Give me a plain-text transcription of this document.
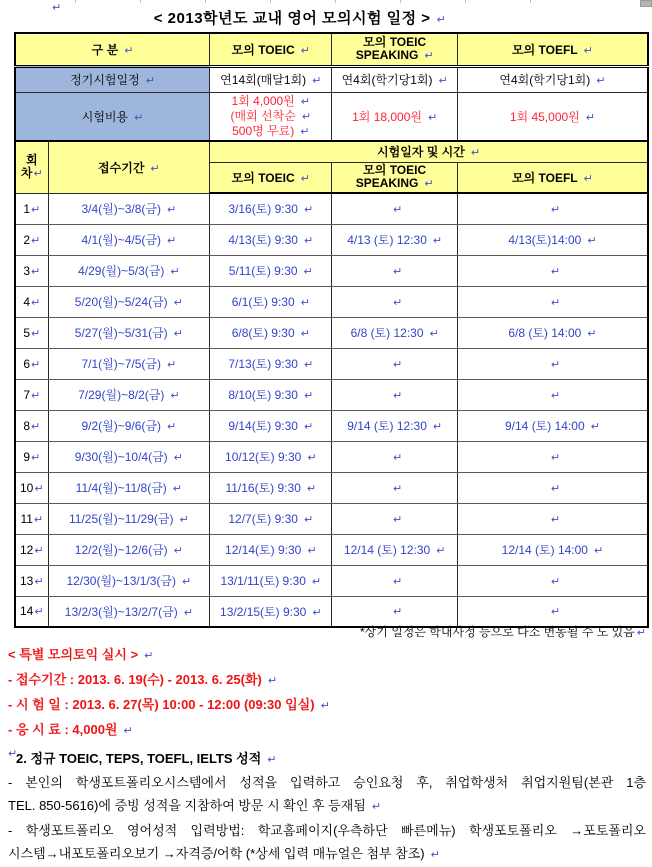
↵
< 2013학년도 교내 영어 모의시험 일정 > ↵
구 분 ↵		모의 TOEIC ↵	모의 TOEIC
SPEAKING ↵	모의 TOEFL ↵
정기시험일정 ↵		연14회(매달1회) ↵	연4회(학기당1회) ↵	연4회(학기당1회) ↵
시험비용 ↵		1회 4,000원 ↵
(매회 선착순 ↵
500명 무료) ↵	1회 18,000원 ↵	1회 45,000원 ↵

회
차↵	접수기간 ↵	시험일자 및 시간 ↵		
		모의 TOEIC ↵	모의 TOEIC
SPEAKING ↵	모의 TOEFL ↵
1↵	3/4(월)~3/8(금) ↵	3/16(토) 9:30 ↵	↵	↵
2↵	4/1(월)~4/5(금) ↵	4/13(토) 9:30 ↵	4/13 (토) 12:30 ↵	4/13(토)14:00 ↵
3↵	4/29(월)~5/3(금) ↵	5/11(토) 9:30 ↵	↵	↵
4↵	5/20(월)~5/24(금) ↵	6/1(토) 9:30 ↵	↵	↵
5↵	5/27(월)~5/31(금) ↵	6/8(토) 9:30 ↵	6/8 (토) 12:30 ↵	6/8 (토) 14:00 ↵
6↵	7/1(월)~7/5(금) ↵	7/13(토) 9:30 ↵	↵	↵
7↵	7/29(월)~8/2(금) ↵	8/10(토) 9:30 ↵	↵	↵
8↵	9/2(월)~9/6(금) ↵	9/14(토) 9:30 ↵	9/14 (토) 12:30 ↵	9/14 (토) 14:00 ↵
9↵	9/30(월)~10/4(금) ↵	10/12(토) 9:30 ↵	↵	↵
10↵	11/4(월)~11/8(금) ↵	11/16(토) 9:30 ↵	↵	↵
11↵	11/25(월)~11/29(금) ↵	12/7(토) 9:30 ↵	↵	↵
12↵	12/2(월)~12/6(금) ↵	12/14(토) 9:30 ↵	12/14 (토) 12:30 ↵	12/14 (토) 14:00 ↵
13↵	12/30(월)~13/1/3(금) ↵	13/1/11(토) 9:30 ↵	↵	↵
14↵	13/2/3(월)~13/2/7(금) ↵	13/2/15(토) 9:30 ↵	↵	↵
*상기 일정은 학내사정 등으로 다소 변동될 수 도 있음 ↵
< 특별 모의토익 실시 > ↵
- 접수기간 : 2013. 6. 19(수) - 2013. 6. 25(화) ↵
- 시 험 일 : 2013. 6. 27(목) 10:00 - 12:00 (09:30 입실) ↵
- 응 시 료 : 4,000원 ↵
↵
2. 정규 TOEIC, TEPS, TOEFL, IELTS 성적 ↵
- 본인의 학생포트폴리오시스템에서 성적을 입력하고 승인요청 후, 취업학생처 취업지원팀(본관 1층
TEL. 850-5616)에 증빙 성적을 지참하여 방문 시 확인 후 등재됨 ↵
- 학생포트폴리오 영어성적 입력방법: 학교홈페이지(우측하단 빠른메뉴) 학생포토폴리오 →포토폴리오
시스템→내포토폴리오보기 →자격증/어학 (*상세 입력 매뉴얼은 첨부 참조) ↵
